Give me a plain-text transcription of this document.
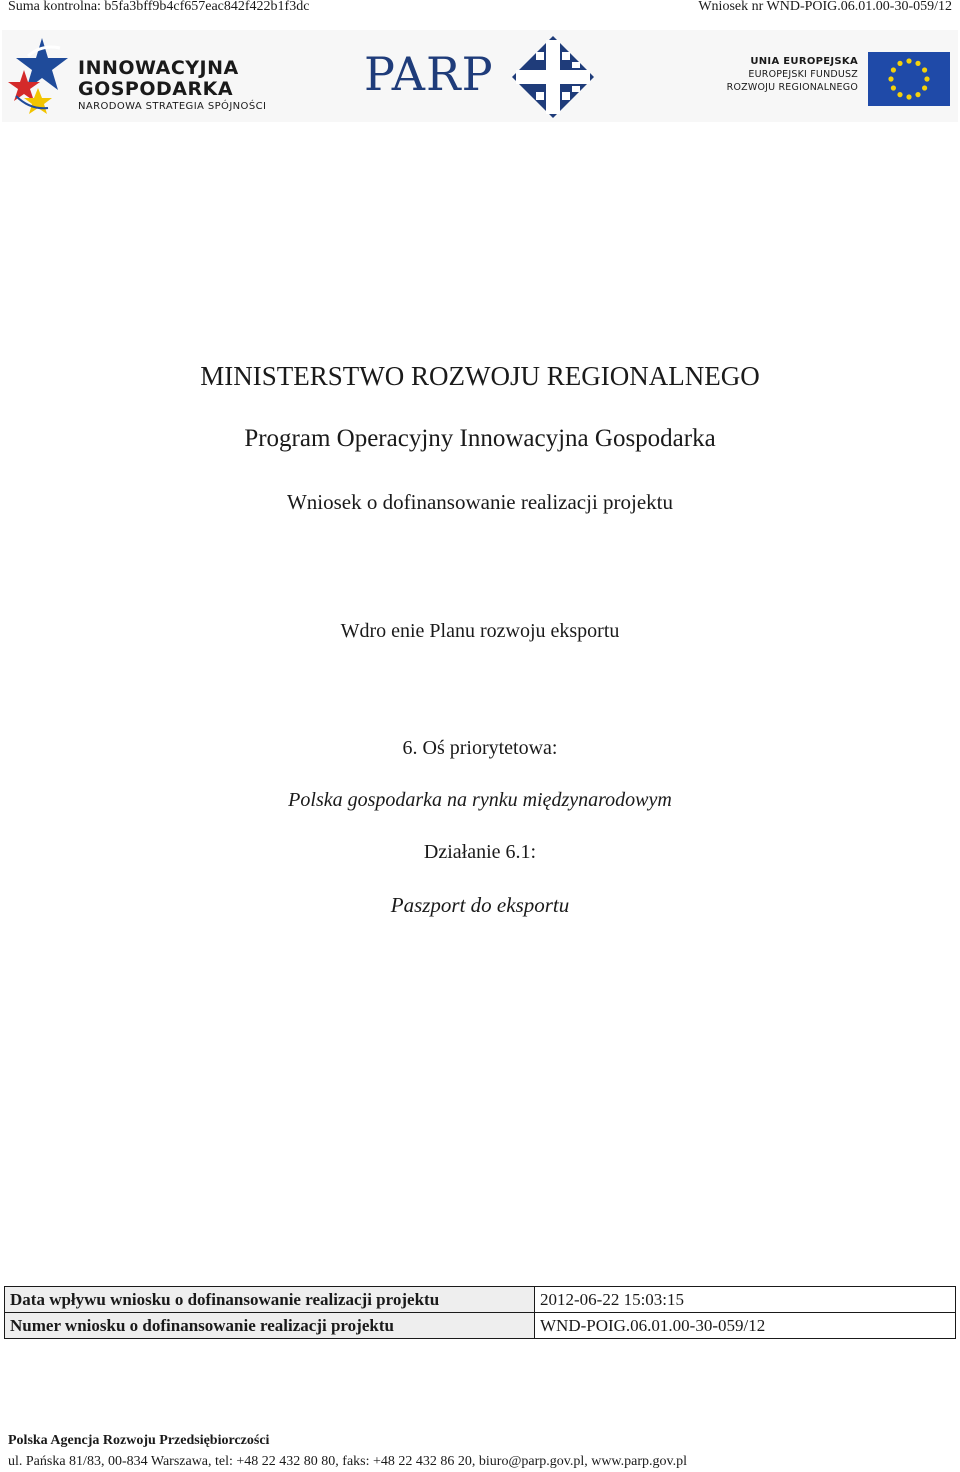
Suma kontrolna: b5fa3bff9b4cf657eac842f422b1f3dc	Wniosek nr WND-POIG.06.01.00-30-059/12
INNOWACYJNA
GOSPODARKA
NARODOWA STRATEGIA SPÓJNOŚCI
PARP	UNIA EUROPEJSKA
EUROPEJSKI FUNDUSZ
ROZWOJU REGIONALNEGO
MINISTERSTWO ROZWOJU REGIONALNEGO
Program Operacyjny Innowacyjna Gospodarka
Wniosek o dofinansowanie realizacji projektu
Wdro enie Planu rozwoju eksportu
6. Oś priorytetowa:
Polska gospodarka na rynku międzynarodowym
Działanie 6.1:
Paszport do eksportu
Data wpływu wniosku o dofinansowanie realizacji projektu	2012-06-22 15:03:15
Numer wniosku o dofinansowanie realizacji projektu	WND-POIG.06.01.00-30-059/12
Polska Agencja Rozwoju Przedsiębiorczości
ul. Pańska 81/83, 00-834 Warszawa, tel: +48 22 432 80 80, faks: +48 22 432 86 20, biuro@parp.gov.pl, www.parp.gov.pl
